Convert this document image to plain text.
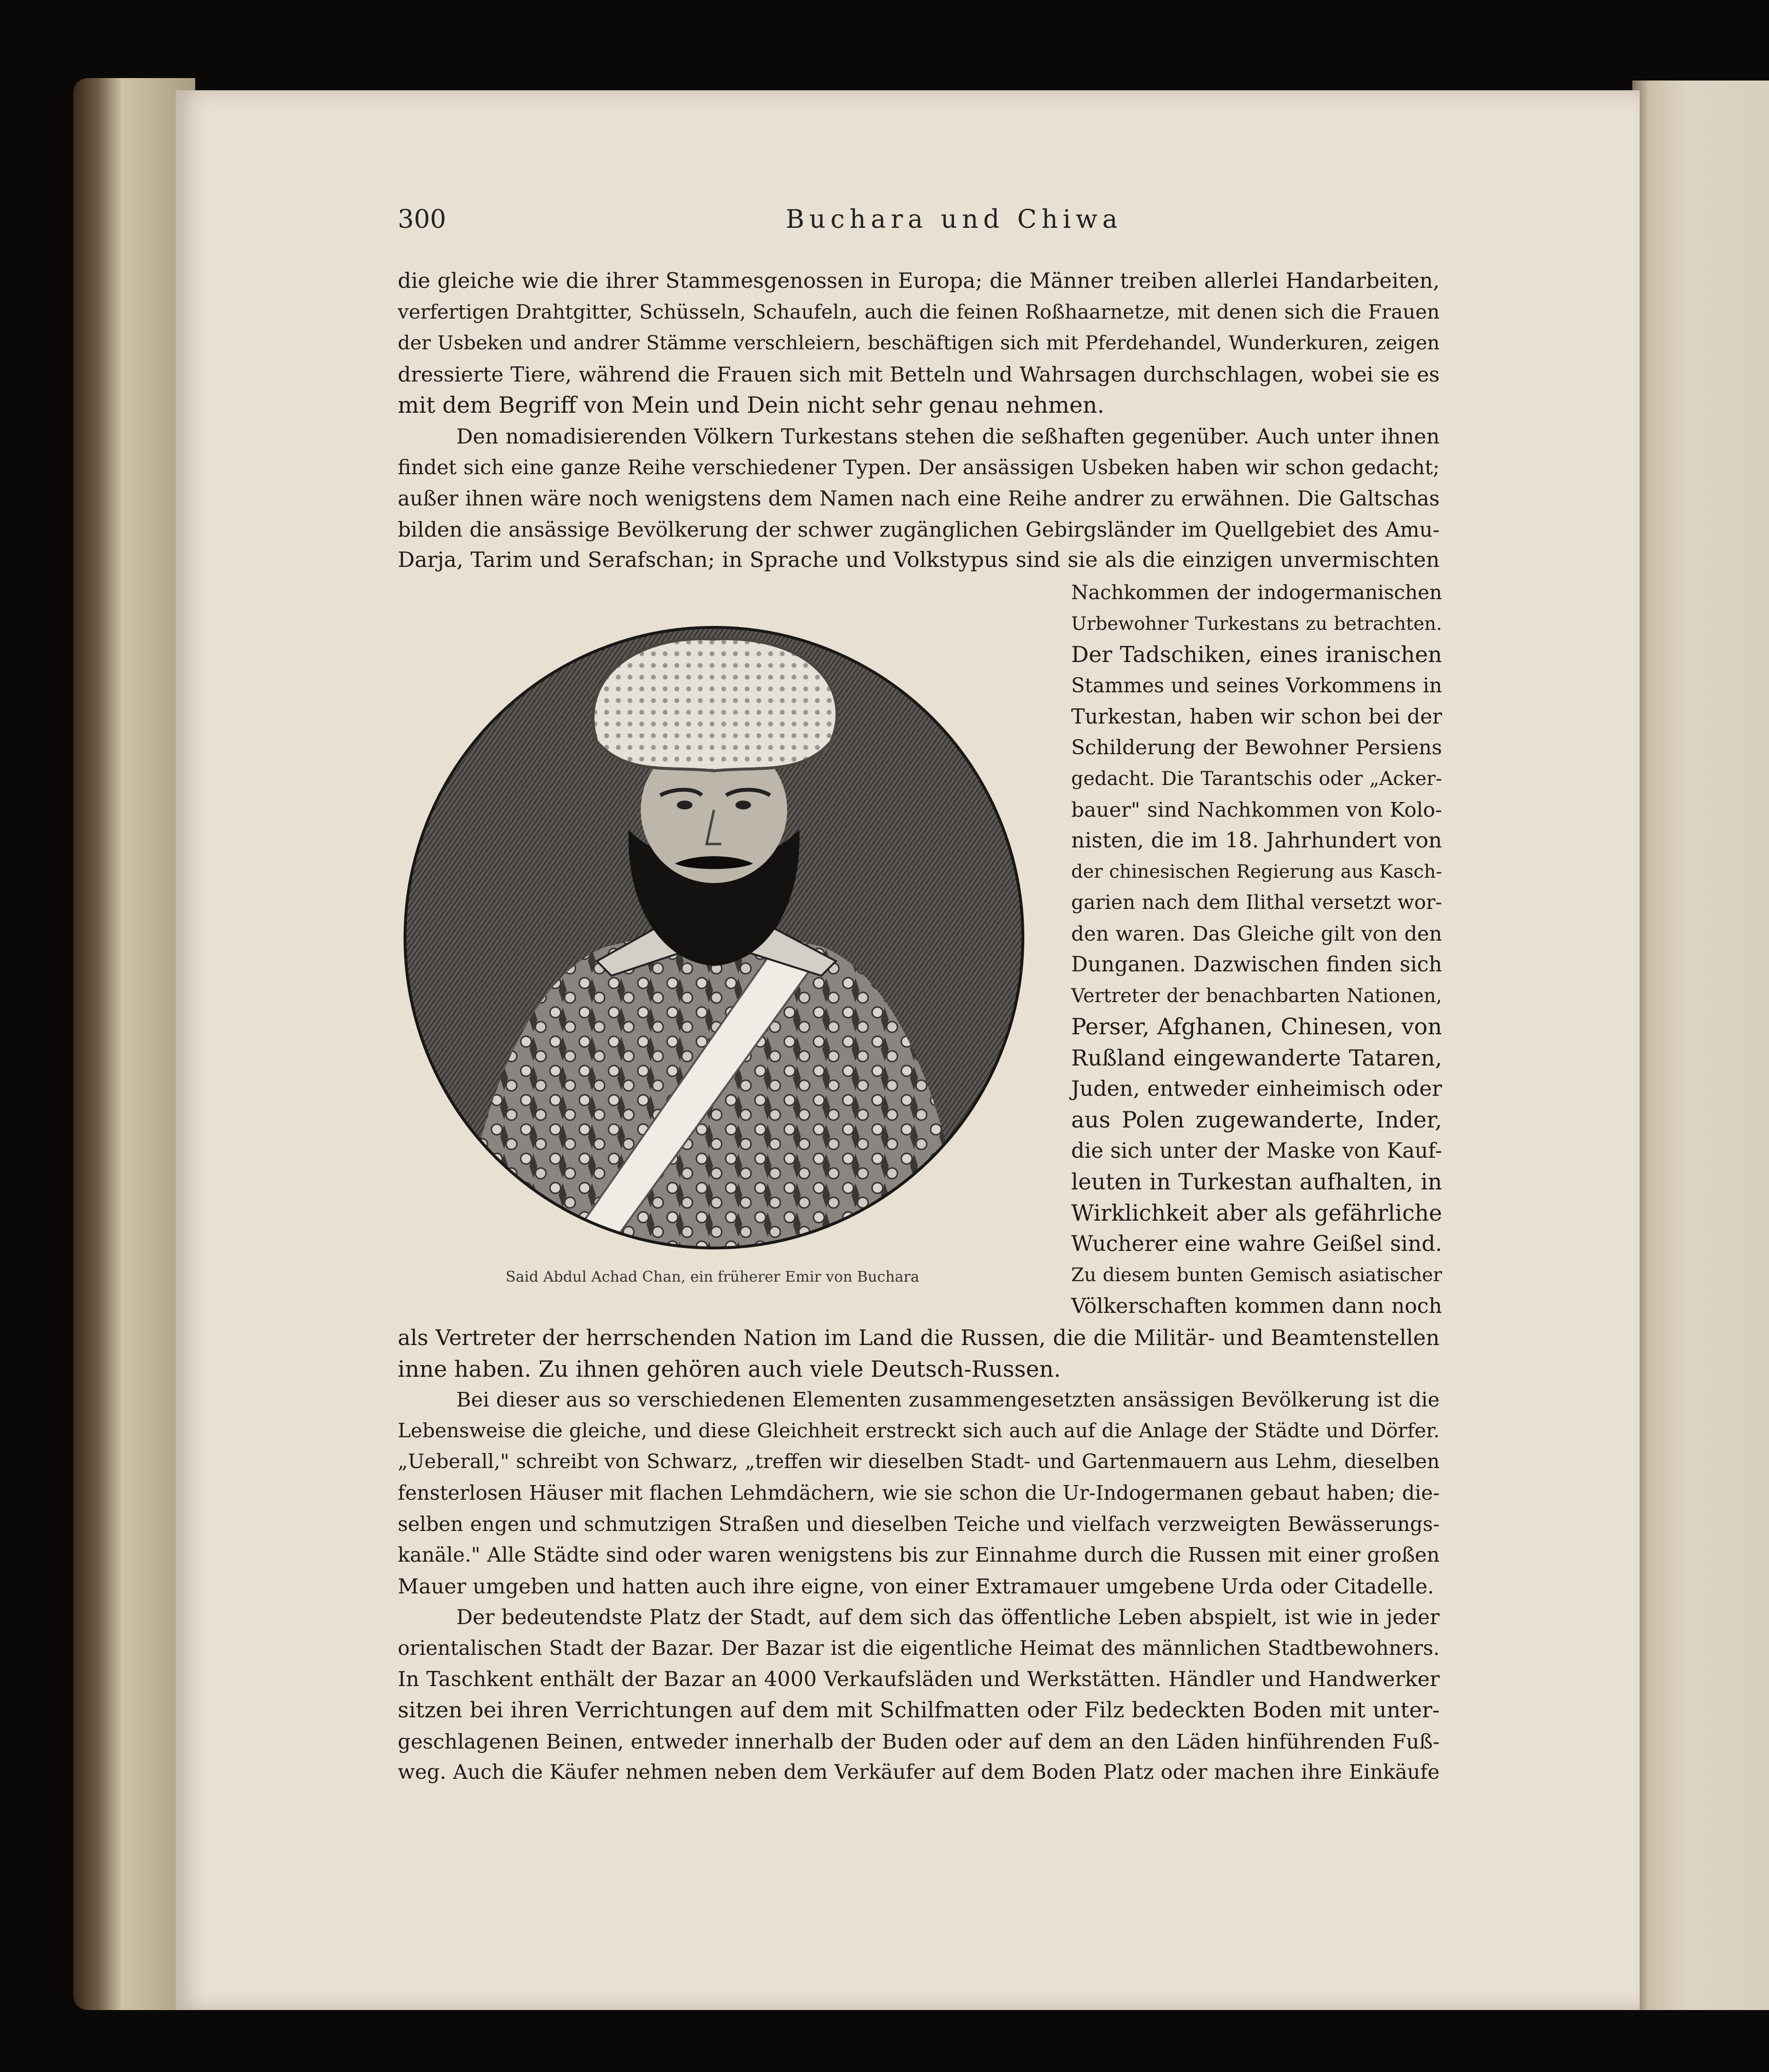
300	Buchara und Chiwa
die gleiche wie die ihrer Stammesgenossen in Europa; die Männer treiben allerlei Handarbeiten,
verfertigen Drahtgitter, Schüsseln, Schaufeln, auch die feinen Roßhaarnetze, mit denen sich die Frauen
der Usbeken und andrer Stämme verschleiern, beschäftigen sich mit Pferdehandel, Wunderkuren, zeigen
dressierte Tiere, während die Frauen sich mit Betteln und Wahrsagen durchschlagen, wobei sie es
mit dem Begriff von Mein und Dein nicht sehr genau nehmen.
Den nomadisierenden Völkern Turkestans stehen die seßhaften gegenüber. Auch unter ihnen
findet sich eine ganze Reihe verschiedener Typen. Der ansässigen Usbeken haben wir schon gedacht;
außer ihnen wäre noch wenigstens dem Namen nach eine Reihe andrer zu erwähnen. Die Galtschas
bilden die ansässige Bevölkerung der schwer zugänglichen Gebirgsländer im Quellgebiet des Amu-
Darja, Tarim und Serafschan; in Sprache und Volkstypus sind sie als die einzigen unvermischten
Nachkommen der indogermanischen
Urbewohner Turkestans zu betrachten.
Der Tadschiken, eines iranischen
Stammes und seines Vorkommens in
Turkestan, haben wir schon bei der
Schilderung der Bewohner Persiens
gedacht. Die Tarantschis oder „Acker-
bauer" sind Nachkommen von Kolo-
nisten, die im 18. Jahrhundert von
der chinesischen Regierung aus Kasch-
garien nach dem Ilithal versetzt wor-
den waren. Das Gleiche gilt von den
Dunganen. Dazwischen finden sich
Vertreter der benachbarten Nationen,
Perser, Afghanen, Chinesen, von
Rußland eingewanderte Tataren,
Juden, entweder einheimisch oder
aus Polen zugewanderte, Inder,
die sich unter der Maske von Kauf-
leuten in Turkestan aufhalten, in
Wirklichkeit aber als gefährliche
Wucherer eine wahre Geißel sind.
Zu diesem bunten Gemisch asiatischer
Völkerschaften kommen dann noch
Said Abdul Achad Chan, ein früherer Emir von Buchara
als Vertreter der herrschenden Nation im Land die Russen, die die Militär- und Beamtenstellen
inne haben. Zu ihnen gehören auch viele Deutsch-Russen.
Bei dieser aus so verschiedenen Elementen zusammengesetzten ansässigen Bevölkerung ist die
Lebensweise die gleiche, und diese Gleichheit erstreckt sich auch auf die Anlage der Städte und Dörfer.
„Ueberall," schreibt von Schwarz, „treffen wir dieselben Stadt- und Gartenmauern aus Lehm, dieselben
fensterlosen Häuser mit flachen Lehmdächern, wie sie schon die Ur-Indogermanen gebaut haben; die-
selben engen und schmutzigen Straßen und dieselben Teiche und vielfach verzweigten Bewässerungs-
kanäle." Alle Städte sind oder waren wenigstens bis zur Einnahme durch die Russen mit einer großen
Mauer umgeben und hatten auch ihre eigne, von einer Extramauer umgebene Urda oder Citadelle.
Der bedeutendste Platz der Stadt, auf dem sich das öffentliche Leben abspielt, ist wie in jeder
orientalischen Stadt der Bazar. Der Bazar ist die eigentliche Heimat des männlichen Stadtbewohners.
In Taschkent enthält der Bazar an 4000 Verkaufsläden und Werkstätten. Händler und Handwerker
sitzen bei ihren Verrichtungen auf dem mit Schilfmatten oder Filz bedeckten Boden mit unter-
geschlagenen Beinen, entweder innerhalb der Buden oder auf dem an den Läden hinführenden Fuß-
weg. Auch die Käufer nehmen neben dem Verkäufer auf dem Boden Platz oder machen ihre Einkäufe
